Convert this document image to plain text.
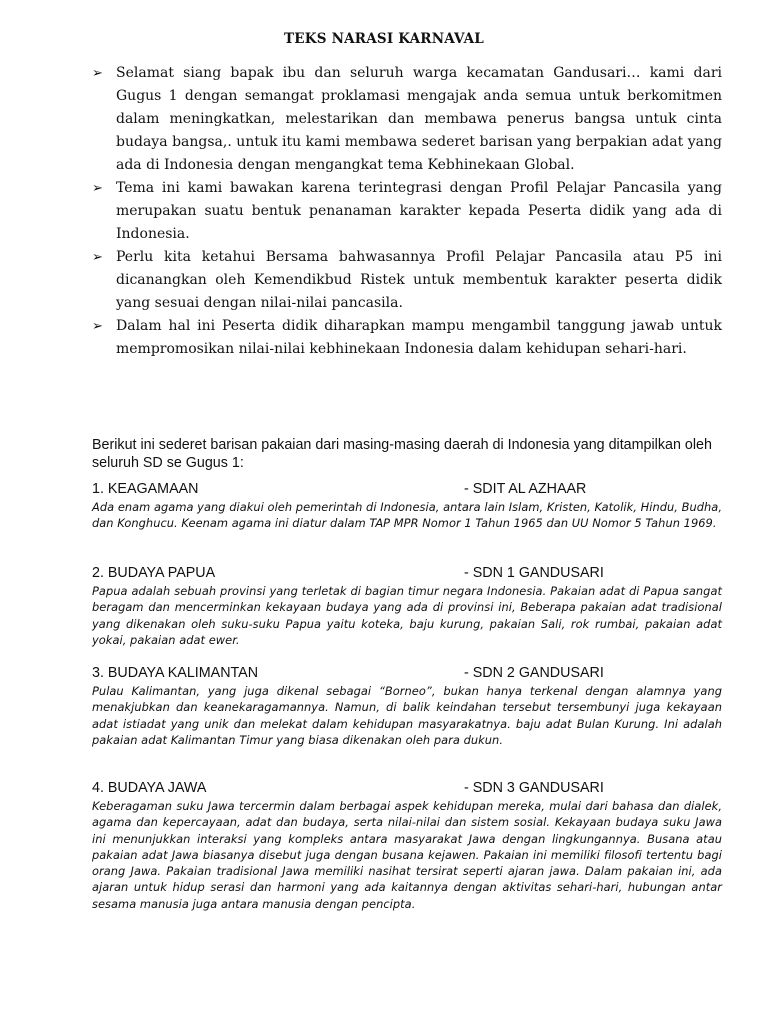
TEKS NARASI KARNAVAL
➢ Selamat siang bapak ibu dan seluruh warga kecamatan Gandusari… kami dari Gugus 1 dengan semangat proklamasi mengajak anda semua untuk berkomitmen dalam meningkatkan, melestarikan dan membawa penerus bangsa untuk cinta budaya bangsa,. untuk itu kami membawa sederet barisan yang berpakian adat yang ada di Indonesia dengan mengangkat tema Kebhinekaan Global.
➢ Tema ini kami bawakan karena terintegrasi dengan Profil Pelajar Pancasila yang merupakan suatu bentuk penanaman karakter kepada Peserta didik yang ada di Indonesia.
➢ Perlu kita ketahui Bersama bahwasannya Profil Pelajar Pancasila atau P5 ini dicanangkan oleh Kemendikbud Ristek untuk membentuk karakter peserta didik yang sesuai dengan nilai-nilai pancasila.
➢ Dalam hal ini Peserta didik diharapkan mampu mengambil tanggung jawab untuk mempromosikan nilai-nilai kebhinekaan Indonesia dalam kehidupan sehari-hari.
Berikut ini sederet barisan pakaian dari masing-masing daerah di Indonesia yang ditampilkan oleh seluruh SD se Gugus 1:
1. KEAGAMAAN	- SDIT AL AZHAAR
Ada enam agama yang diakui oleh pemerintah di Indonesia, antara lain Islam, Kristen, Katolik, Hindu, Budha, dan Konghucu. Keenam agama ini diatur dalam TAP MPR Nomor 1 Tahun 1965 dan UU Nomor 5 Tahun 1969.
2. BUDAYA PAPUA	- SDN 1 GANDUSARI
Papua adalah sebuah provinsi yang terletak di bagian timur negara Indonesia. Pakaian adat di Papua sangat beragam dan mencerminkan kekayaan budaya yang ada di provinsi ini, Beberapa pakaian adat tradisional yang dikenakan oleh suku-suku Papua yaitu koteka, baju kurung, pakaian Sali, rok rumbai, pakaian adat yokai, pakaian adat ewer.
3. BUDAYA KALIMANTAN	- SDN 2 GANDUSARI
Pulau Kalimantan, yang juga dikenal sebagai “Borneo”, bukan hanya terkenal dengan alamnya yang menakjubkan dan keanekaragamannya. Namun, di balik keindahan tersebut tersembunyi juga kekayaan adat istiadat yang unik dan melekat dalam kehidupan masyarakatnya. baju adat Bulan Kurung. Ini adalah pakaian adat Kalimantan Timur yang biasa dikenakan oleh para dukun.
4. BUDAYA JAWA	- SDN 3 GANDUSARI
Keberagaman suku Jawa tercermin dalam berbagai aspek kehidupan mereka, mulai dari bahasa dan dialek, agama dan kepercayaan, adat dan budaya, serta nilai-nilai dan sistem sosial. Kekayaan budaya suku Jawa ini menunjukkan interaksi yang kompleks antara masyarakat Jawa dengan lingkungannya. Busana atau pakaian adat Jawa biasanya disebut juga dengan busana kejawen. Pakaian ini memiliki filosofi tertentu bagi orang Jawa. Pakaian tradisional Jawa memiliki nasihat tersirat seperti ajaran jawa. Dalam pakaian ini, ada ajaran untuk hidup serasi dan harmoni yang ada kaitannya dengan aktivitas sehari-hari, hubungan antar sesama manusia juga antara manusia dengan pencipta.
